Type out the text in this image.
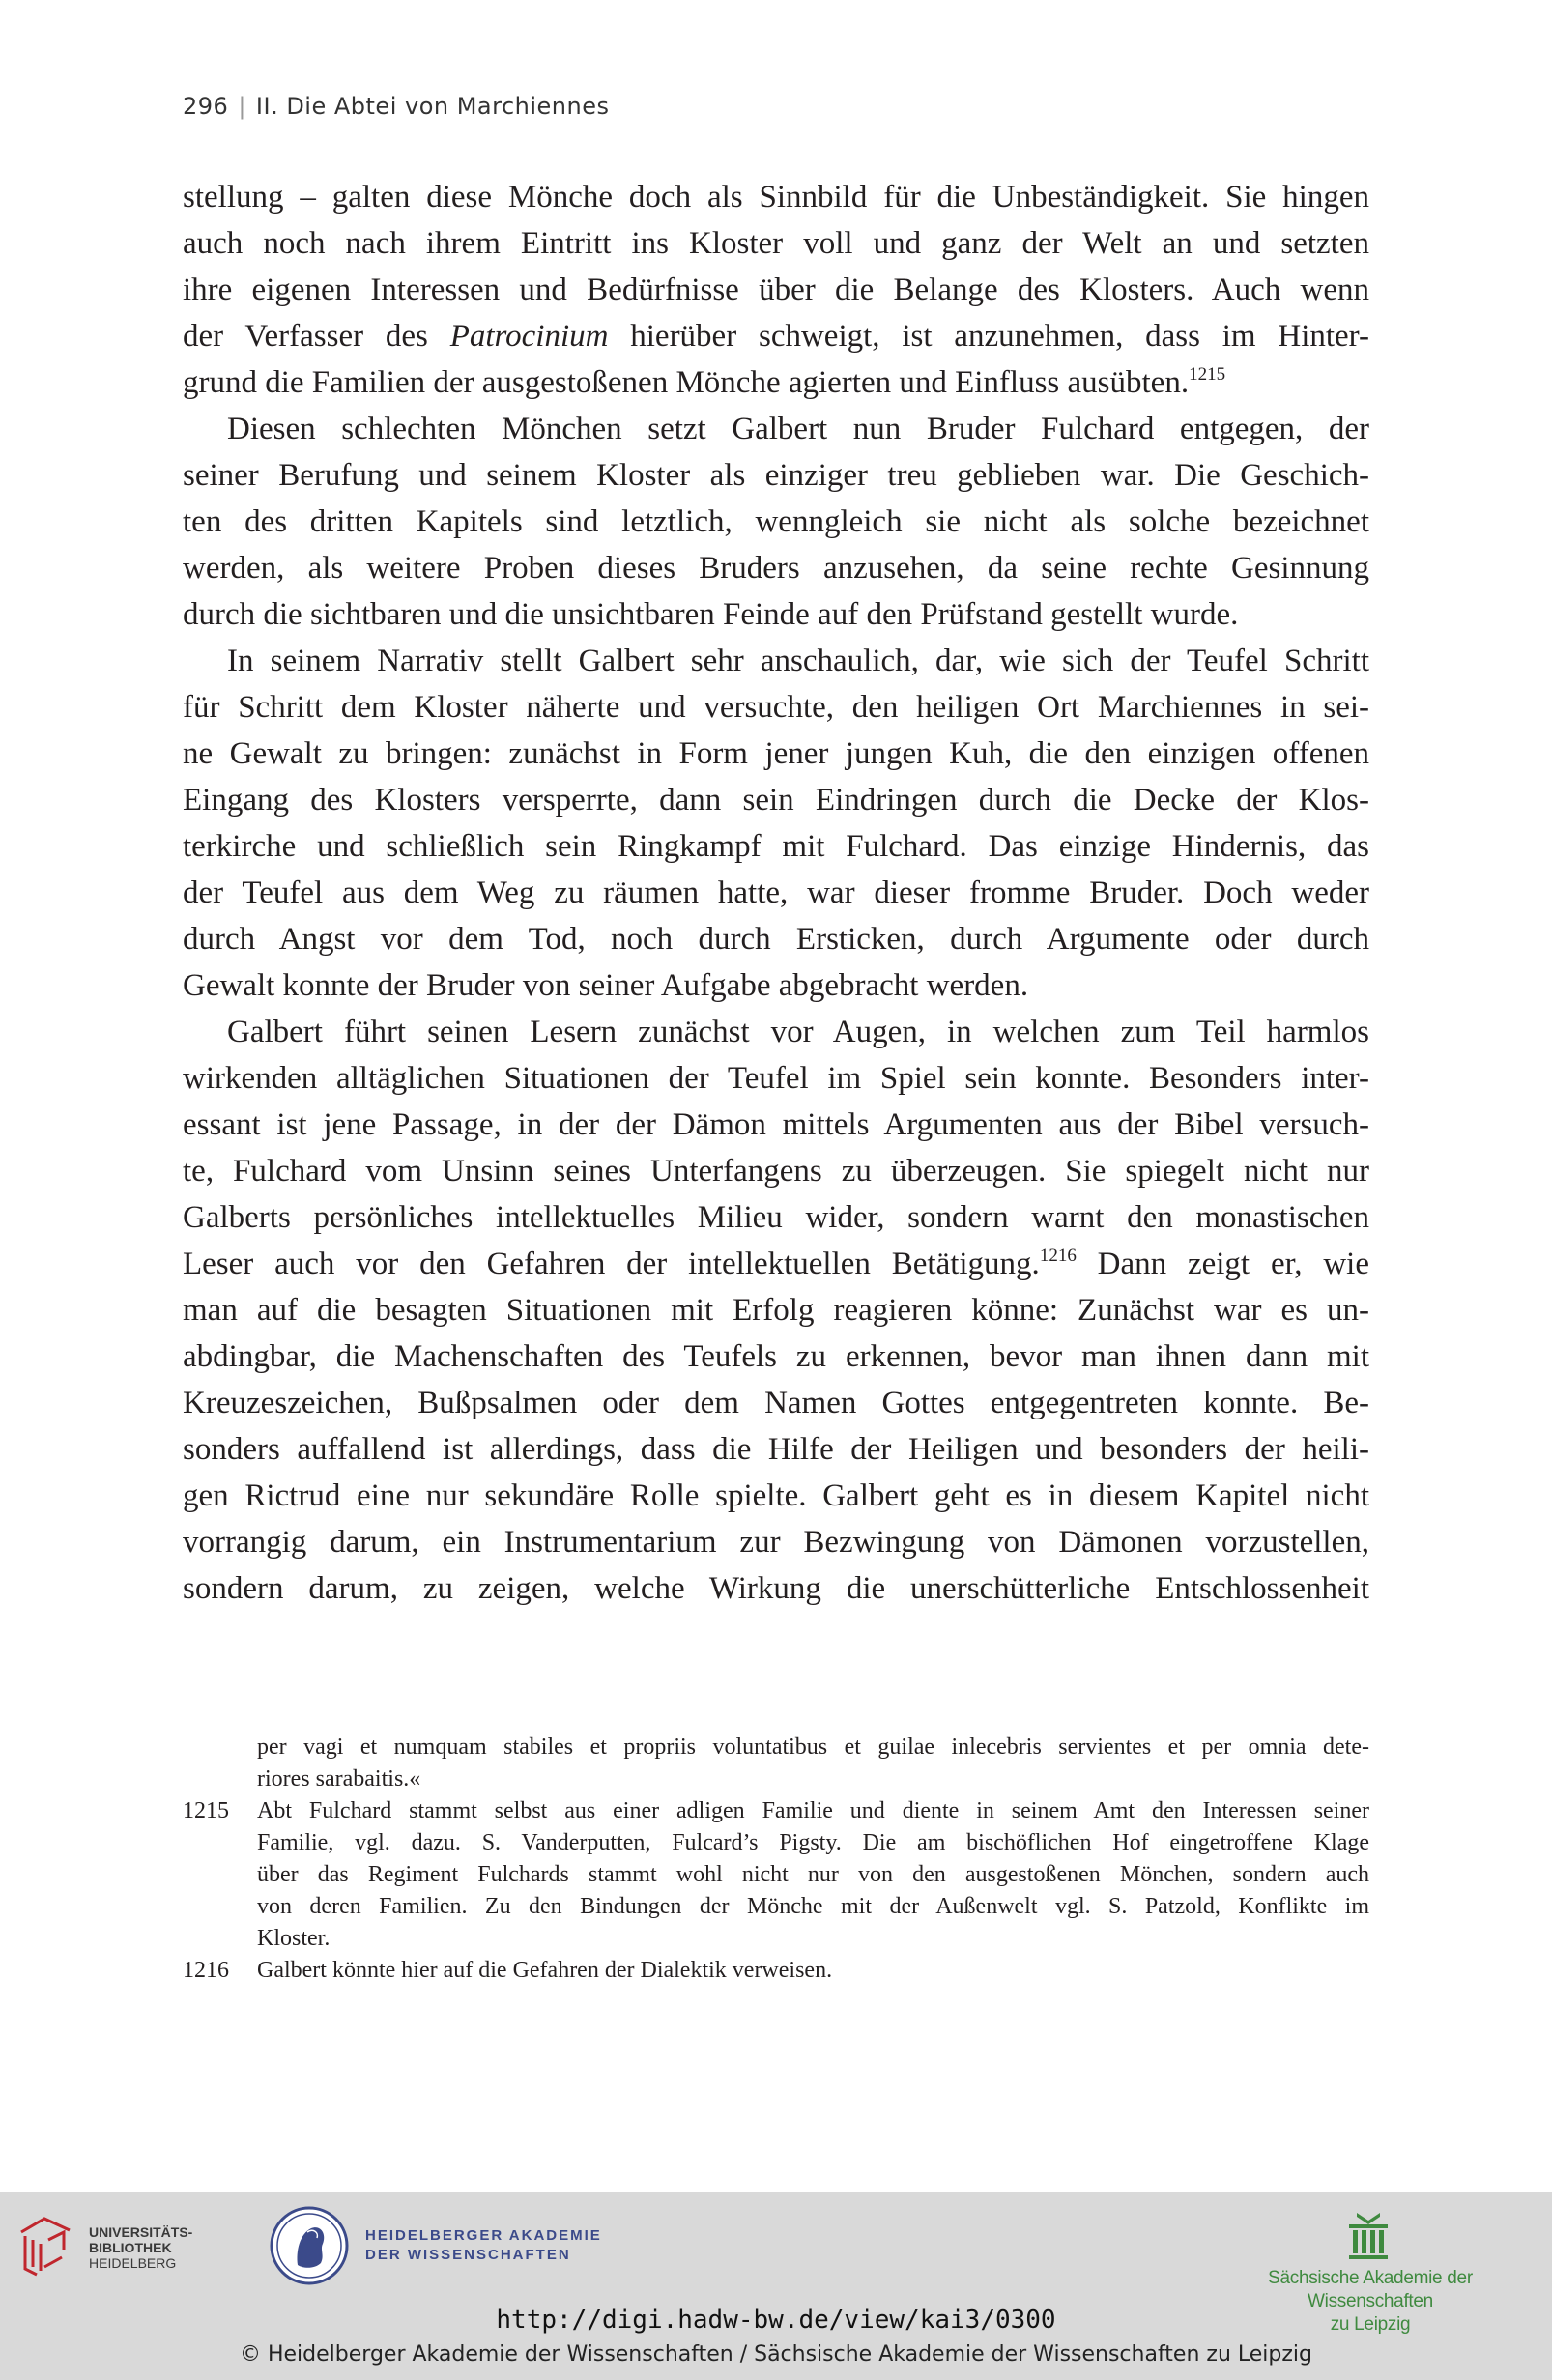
296 | II. Die Abtei von Marchiennes
stellung – galten diese Mönche doch als Sinnbild für die Unbeständigkeit. Sie hingen
auch noch nach ihrem Eintritt ins Kloster voll und ganz der Welt an und setzten
ihre eigenen Interessen und Bedürfnisse über die Belange des Klosters. Auch wenn
der Verfasser des Patrocinium hierüber schweigt, ist anzunehmen, dass im Hinter-
grund die Familien der ausgestoßenen Mönche agierten und Einfluss ausübten.$^{1215}$
Diesen schlechten Mönchen setzt Galbert nun Bruder Fulchard entgegen, der
seiner Berufung und seinem Kloster als einziger treu geblieben war. Die Geschich-
ten des dritten Kapitels sind letztlich, wenngleich sie nicht als solche bezeichnet
werden, als weitere Proben dieses Bruders anzusehen, da seine rechte Gesinnung
durch die sichtbaren und die unsichtbaren Feinde auf den Prüfstand gestellt wurde.
In seinem Narrativ stellt Galbert sehr anschaulich, dar, wie sich der Teufel Schritt
für Schritt dem Kloster näherte und versuchte, den heiligen Ort Marchiennes in sei-
ne Gewalt zu bringen: zunächst in Form jener jungen Kuh, die den einzigen offenen
Eingang des Klosters versperrte, dann sein Eindringen durch die Decke der Klos-
terkirche und schließlich sein Ringkampf mit Fulchard. Das einzige Hindernis, das
der Teufel aus dem Weg zu räumen hatte, war dieser fromme Bruder. Doch weder
durch Angst vor dem Tod, noch durch Ersticken, durch Argumente oder durch
Gewalt konnte der Bruder von seiner Aufgabe abgebracht werden.
Galbert führt seinen Lesern zunächst vor Augen, in welchen zum Teil harmlos
wirkenden alltäglichen Situationen der Teufel im Spiel sein konnte. Besonders inter-
essant ist jene Passage, in der der Dämon mittels Argumenten aus der Bibel versuch-
te, Fulchard vom Unsinn seines Unterfangens zu überzeugen. Sie spiegelt nicht nur
Galberts persönliches intellektuelles Milieu wider, sondern warnt den monastischen
Leser auch vor den Gefahren der intellektuellen Betätigung.$^{1216}$ Dann zeigt er, wie
man auf die besagten Situationen mit Erfolg reagieren könne: Zunächst war es un-
abdingbar, die Machenschaften des Teufels zu erkennen, bevor man ihnen dann mit
Kreuzeszeichen, Bußpsalmen oder dem Namen Gottes entgegentreten konnte. Be-
sonders auffallend ist allerdings, dass die Hilfe der Heiligen und besonders der heili-
gen Rictrud eine nur sekundäre Rolle spielte. Galbert geht es in diesem Kapitel nicht
vorrangig darum, ein Instrumentarium zur Bezwingung von Dämonen vorzustellen,
sondern darum, zu zeigen, welche Wirkung die unerschütterliche Entschlossenheit
per vagi et numquam stabiles et propriis voluntatibus et guilae inlecebris servientes et per omnia dete-
riores sarabaitis.«
1215 Abt Fulchard stammt selbst aus einer adligen Familie und diente in seinem Amt den Interessen seiner
Familie, vgl. dazu. S. Vanderputten, Fulcard’s Pigsty. Die am bischöflichen Hof eingetroffene Klage
über das Regiment Fulchards stammt wohl nicht nur von den ausgestoßenen Mönchen, sondern auch
von deren Familien. Zu den Bindungen der Mönche mit der Außenwelt vgl. S. Patzold, Konflikte im
Kloster.
1216 Galbert könnte hier auf die Gefahren der Dialektik verweisen.
UNIVERSITÄTS-
BIBLIOTHEK
HEIDELBERG
HEIDELBERGER AKADEMIE
DER WISSENSCHAFTEN
Sächsische Akademie der Wissenschaften
zu Leipzig
http://digi.hadw-bw.de/view/kai3/0300
© Heidelberger Akademie der Wissenschaften / Sächsische Akademie der Wissenschaften zu Leipzig
